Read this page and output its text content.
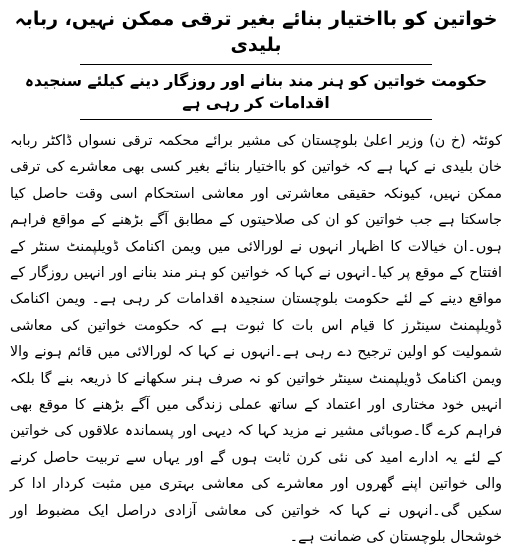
خواتین کو بااختیار بنائے بغیر ترقی ممکن نہیں، ربابہ بلیدی
حکومت خواتین کو ہنر مند بنانے اور روزگار دینے کیلئے سنجیدہ اقدامات کر رہی ہے

کوئٹہ (خ ن) وزیر اعلیٰ بلوچستان کی مشیر برائے محکمہ ترقی نسواں ڈاکٹر ربابہ خان بلیدی نے کہا ہے کہ خواتین کو بااختیار بنائے بغیر کسی بھی معاشرے کی ترقی ممکن نہیں، کیونکہ حقیقی معاشرتی اور معاشی استحکام اسی وقت حاصل کیا جاسکتا ہے جب خواتین کو ان کی صلاحیتوں کے مطابق آگے بڑھنے کے مواقع فراہم ہوں۔ان خیالات کا اظہار انہوں نے لورالائی میں ویمن اکنامک ڈویلپمنٹ سنٹر کے افتتاح کے موقع پر کیا۔انہوں نے کہا کہ خواتین کو ہنر مند بنانے اور انہیں روزگار کے مواقع دینے کے لئے حکومت بلوچستان سنجیدہ اقدامات کر رہی ہے۔ ویمن اکنامک ڈویلپمنٹ سینٹرز کا قیام اس بات کا ثبوت ہے کہ حکومت خواتین کی معاشی شمولیت کو اولین ترجیح دے رہی ہے۔انہوں نے کہا کہ لورالائی میں قائم ہونے والا ویمن اکنامک ڈویلپمنٹ سینٹر خواتین کو نہ صرف ہنر سکھانے کا ذریعہ بنے گا بلکہ انہیں خود مختاری اور اعتماد کے ساتھ عملی زندگی میں آگے بڑھنے کا موقع بھی فراہم کرے گا۔صوبائی مشیر نے مزید کہا کہ دیہی اور پسماندہ علاقوں کی خواتین کے لئے یہ ادارے امید کی نئی کرن ثابت ہوں گے اور یہاں سے تربیت حاصل کرنے والی خواتین اپنے گھروں اور معاشرے کی معاشی بہتری میں مثبت کردار ادا کر سکیں گی۔انہوں نے کہا کہ خواتین کی معاشی آزادی دراصل ایک مضبوط اور خوشحال بلوچستان کی ضمانت ہے۔
